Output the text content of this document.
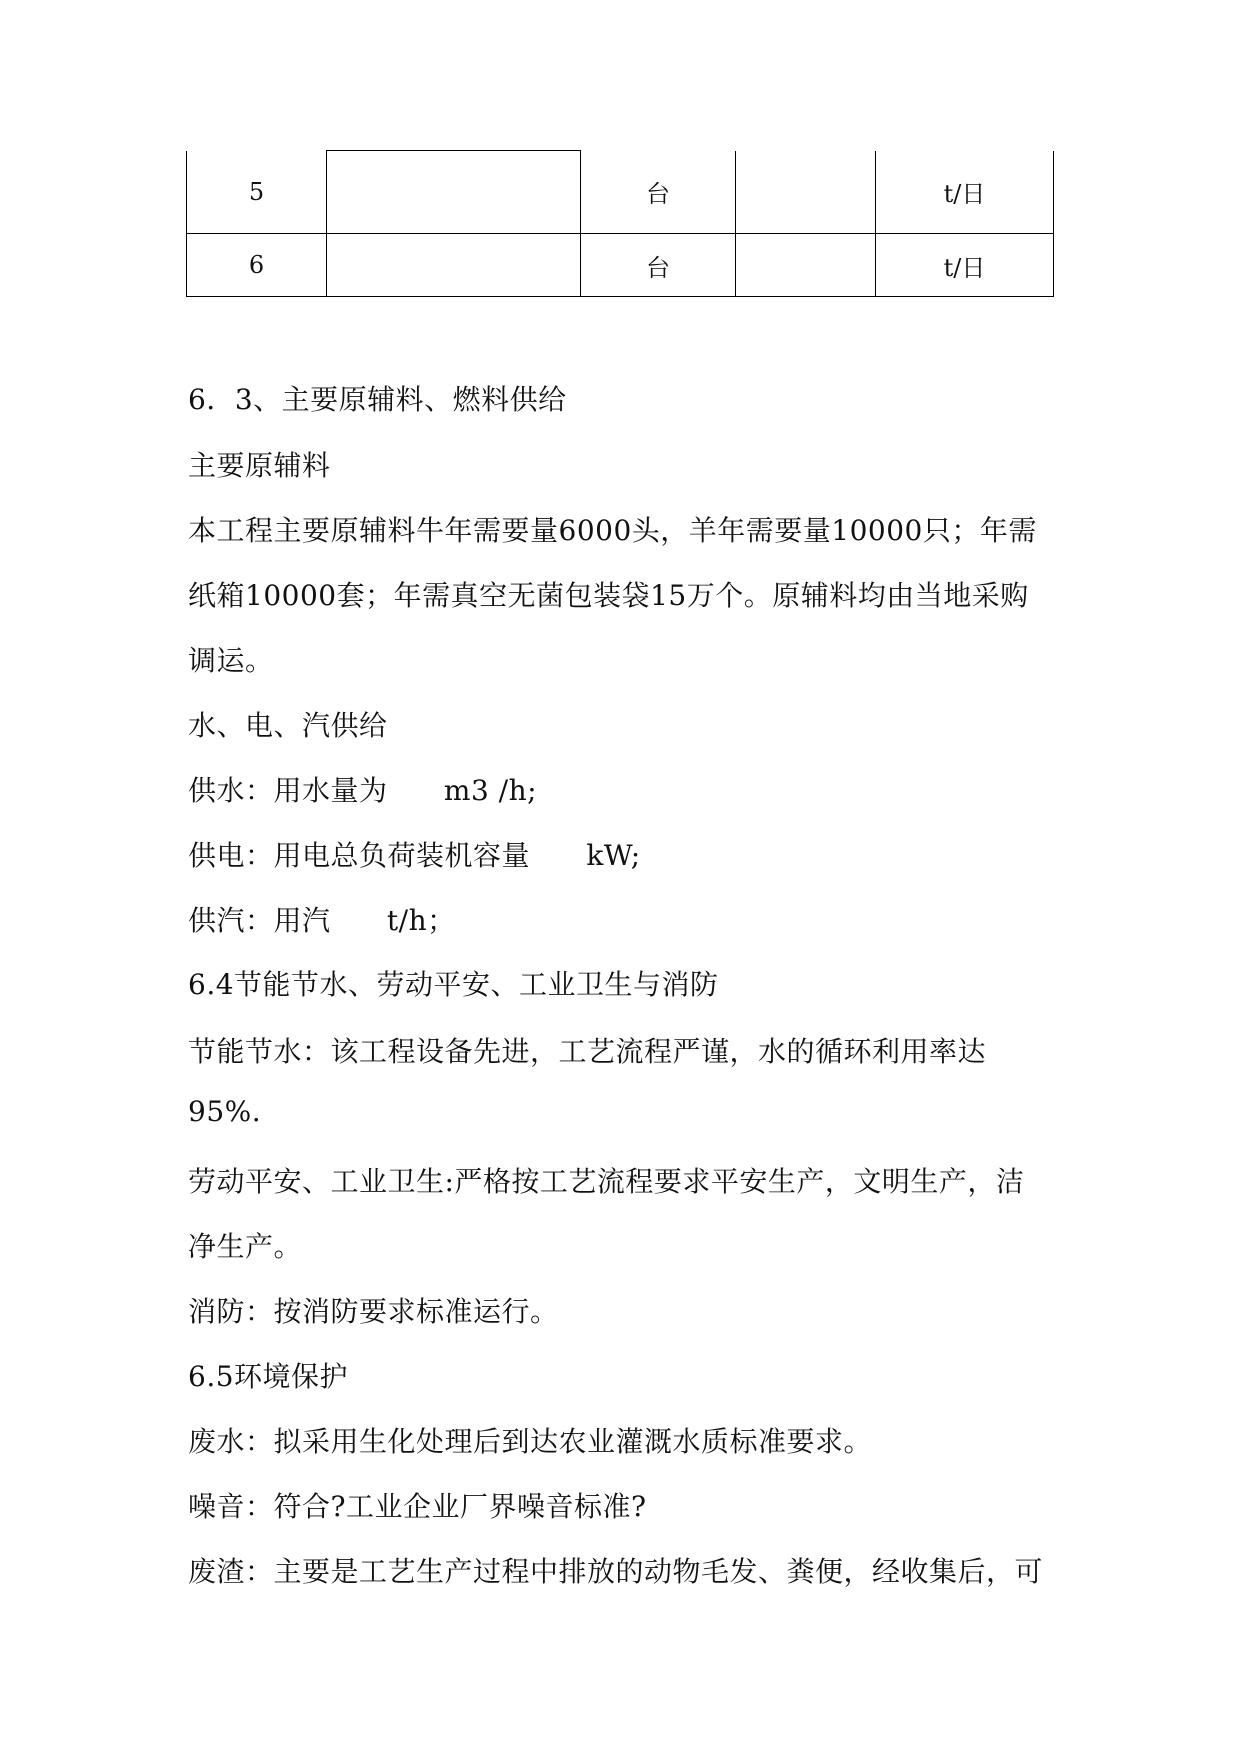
5		台		t/日
6		台		t/日
6．3、主要原辅料、燃料供给
主要原辅料
本工程主要原辅料牛年需要量6000头，羊年需要量10000只；年需
纸箱10000套；年需真空无菌包装袋15万个。原辅料均由当地采购
调运。
水、电、汽供给
供水：用水量为      m3 /h;
供电：用电总负荷装机容量      kW;
供汽：用汽      t/h；
6.4节能节水、劳动平安、工业卫生与消防
节能节水：该工程设备先进，工艺流程严谨，水的循环利用率达
95%.
劳动平安、工业卫生:严格按工艺流程要求平安生产，文明生产，洁
净生产。
消防：按消防要求标准运行。
6.5环境保护
废水：拟采用生化处理后到达农业灌溉水质标准要求。
噪音：符合?工业企业厂界噪音标准?
废渣：主要是工艺生产过程中排放的动物毛发、粪便，经收集后，可
